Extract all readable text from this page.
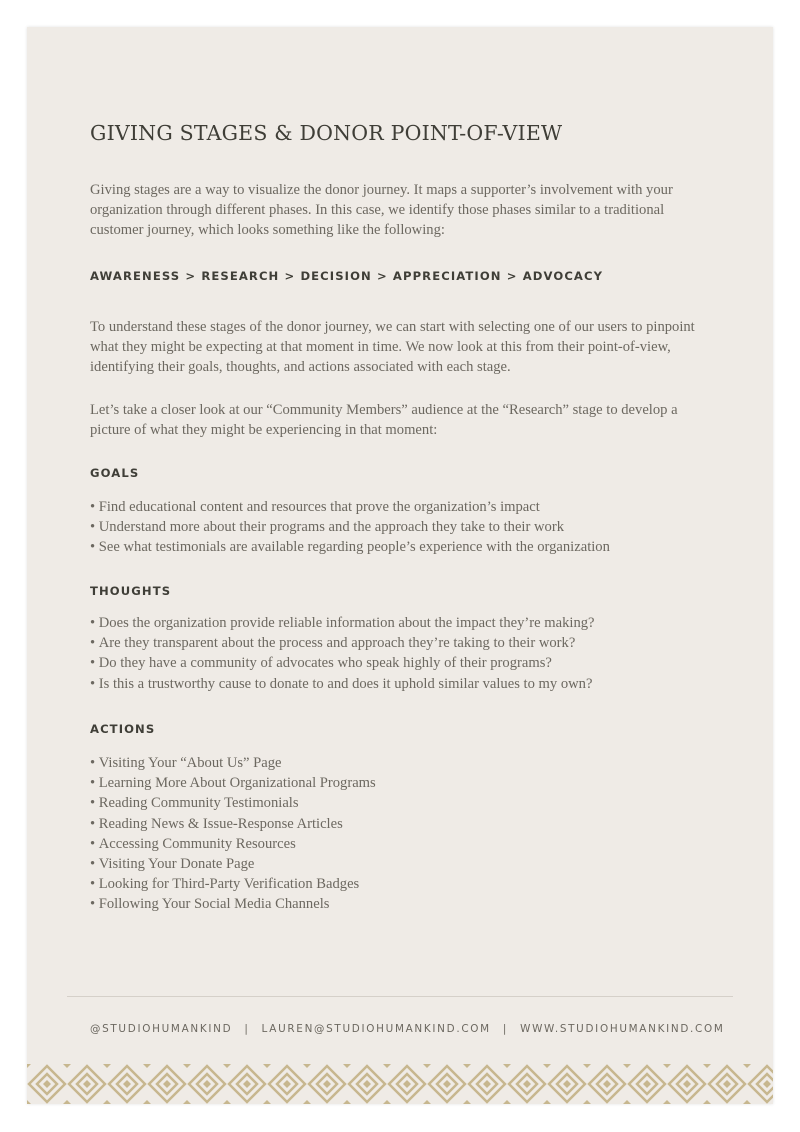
GIVING STAGES & DONOR POINT-OF-VIEW

Giving stages are a way to visualize the donor journey. It maps a supporter’s involvement with your organization through different phases. In this case, we identify those phases similar to a traditional customer journey, which looks something like the following:

AWARENESS > RESEARCH > DECISION > APPRECIATION > ADVOCACY

To understand these stages of the donor journey, we can start with selecting one of our users to pinpoint what they might be expecting at that moment in time. We now look at this from their point-of-view, identifying their goals, thoughts, and actions associated with each stage.

Let’s take a closer look at our “Community Members” audience at the “Research” stage to develop a picture of what they might be experiencing in that moment:

GOALS
• Find educational content and resources that prove the organization’s impact
• Understand more about their programs and the approach they take to their work
• See what testimonials are available regarding people’s experience with the organization
THOUGHTS
• Does the organization provide reliable information about the impact they’re making?
• Are they transparent about the process and approach they’re taking to their work?
• Do they have a community of advocates who speak highly of their programs?
• Is this a trustworthy cause to donate to and does it uphold similar values to my own?
ACTIONS
• Visiting Your “About Us” Page
• Learning More About Organizational Programs
• Reading Community Testimonials
• Reading News & Issue-Response Articles
• Accessing Community Resources
• Visiting Your Donate Page
• Looking for Third-Party Verification Badges
• Following Your Social Media Channels
@STUDIOHUMANKIND | LAUREN@STUDIOHUMANKIND.COM | WWW.STUDIOHUMANKIND.COM
